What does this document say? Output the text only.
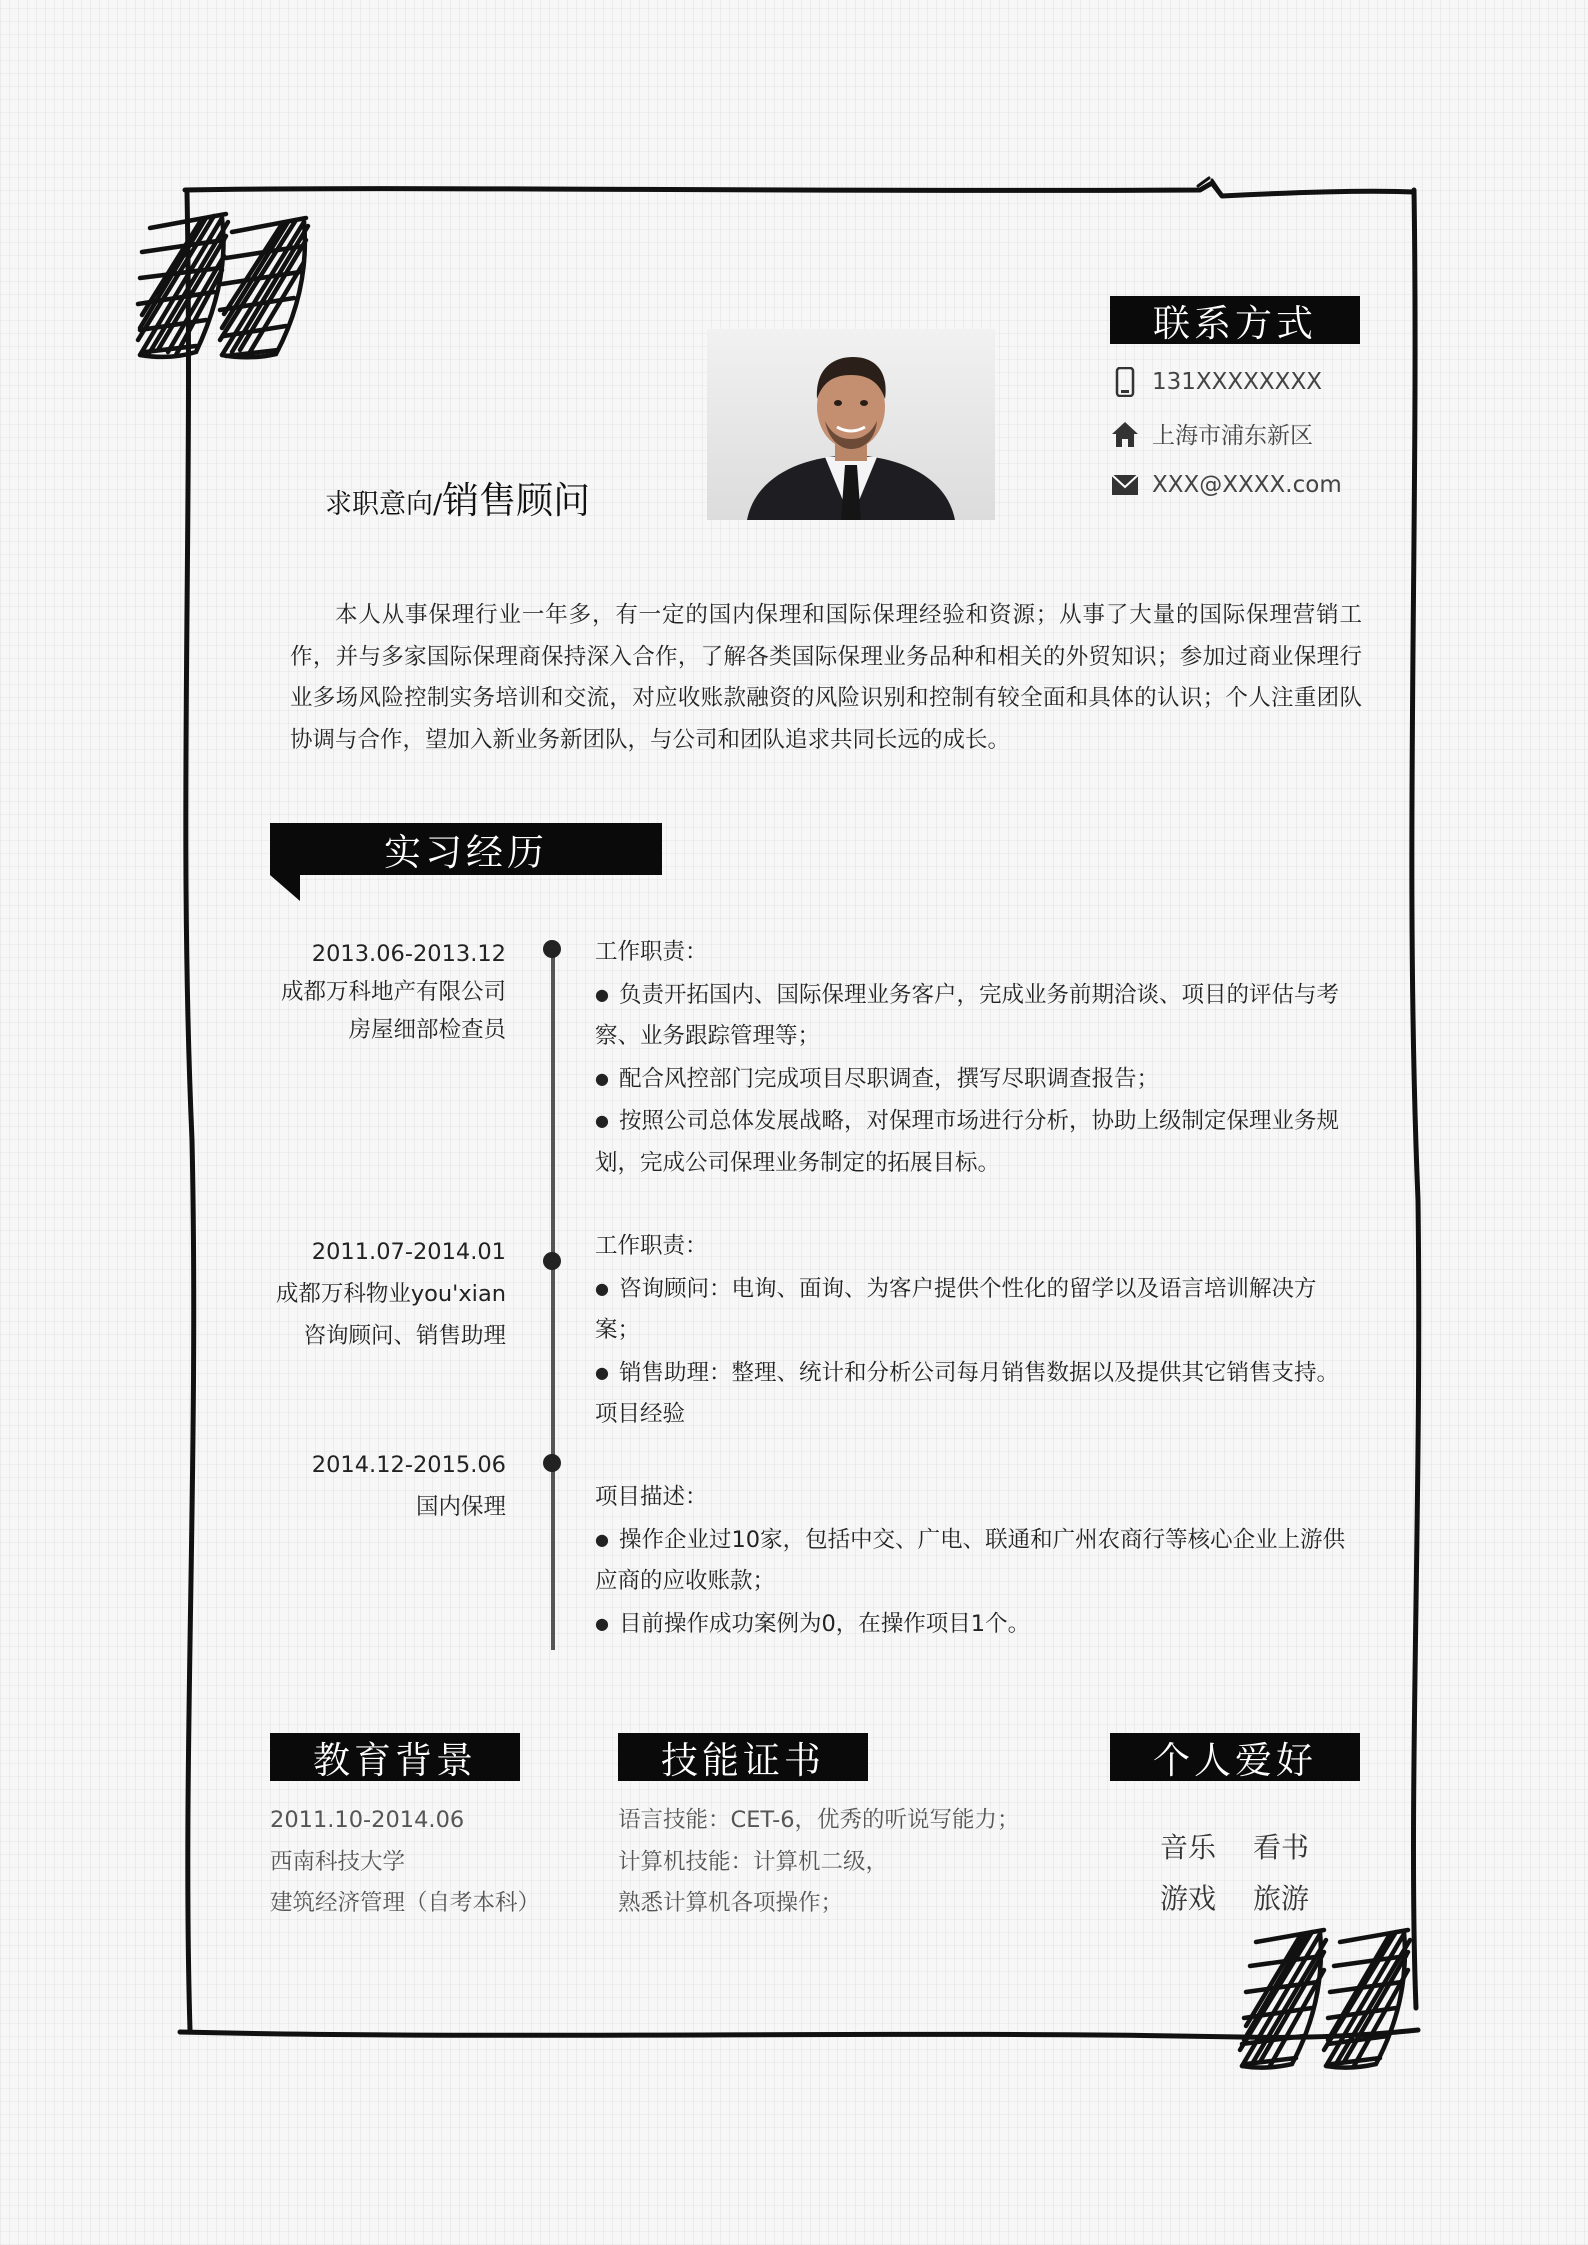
求职意向/ 销售顾问
联系方式
131XXXXXXXX
上海市浦东新区
XXX@XXXX.com
本人从事保理行业一年多，有一定的国内保理和国际保理经验和资源；从事了大量的国际保理营销工作，并与多家国际保理商保持深入合作，了解各类国际保理业务品种和相关的外贸知识；参加过商业保理行业多场风险控制实务培训和交流，对应收账款融资的风险识别和控制有较全面和具体的认识；个人注重团队协调与合作，望加入新业务新团队，与公司和团队追求共同长远的成长。
实习经历
2013.06-2013.12
成都万科地产有限公司
房屋细部检查员
工作职责：
● 负责开拓国内、国际保理业务客户，完成业务前期洽谈、项目的评估与考察、业务跟踪管理等；
● 配合风控部门完成项目尽职调查，撰写尽职调查报告；
● 按照公司总体发展战略，对保理市场进行分析，协助上级制定保理业务规划，完成公司保理业务制定的拓展目标。
2011.07-2014.01
成都万科物业you'xian
咨询顾问、销售助理
工作职责：
● 咨询顾问：电询、面询、为客户提供个性化的留学以及语言培训解决方案；
● 销售助理：整理、统计和分析公司每月销售数据以及提供其它销售支持。
项目经验
2014.12-2015.06
国内保理	项目描述：
● 操作企业过10家，包括中交、广电、联通和广州农商行等核心企业上游供应商的应收账款；
● 目前操作成功案例为0，在操作项目1个。
教育背景
2011.10-2014.06
西南科技大学
建筑经济管理（自考本科）
技能证书
语言技能：CET-6，优秀的听说写能力；
计算机技能：计算机二级，
熟悉计算机各项操作；
个人爱好
音乐 看书
游戏 旅游
